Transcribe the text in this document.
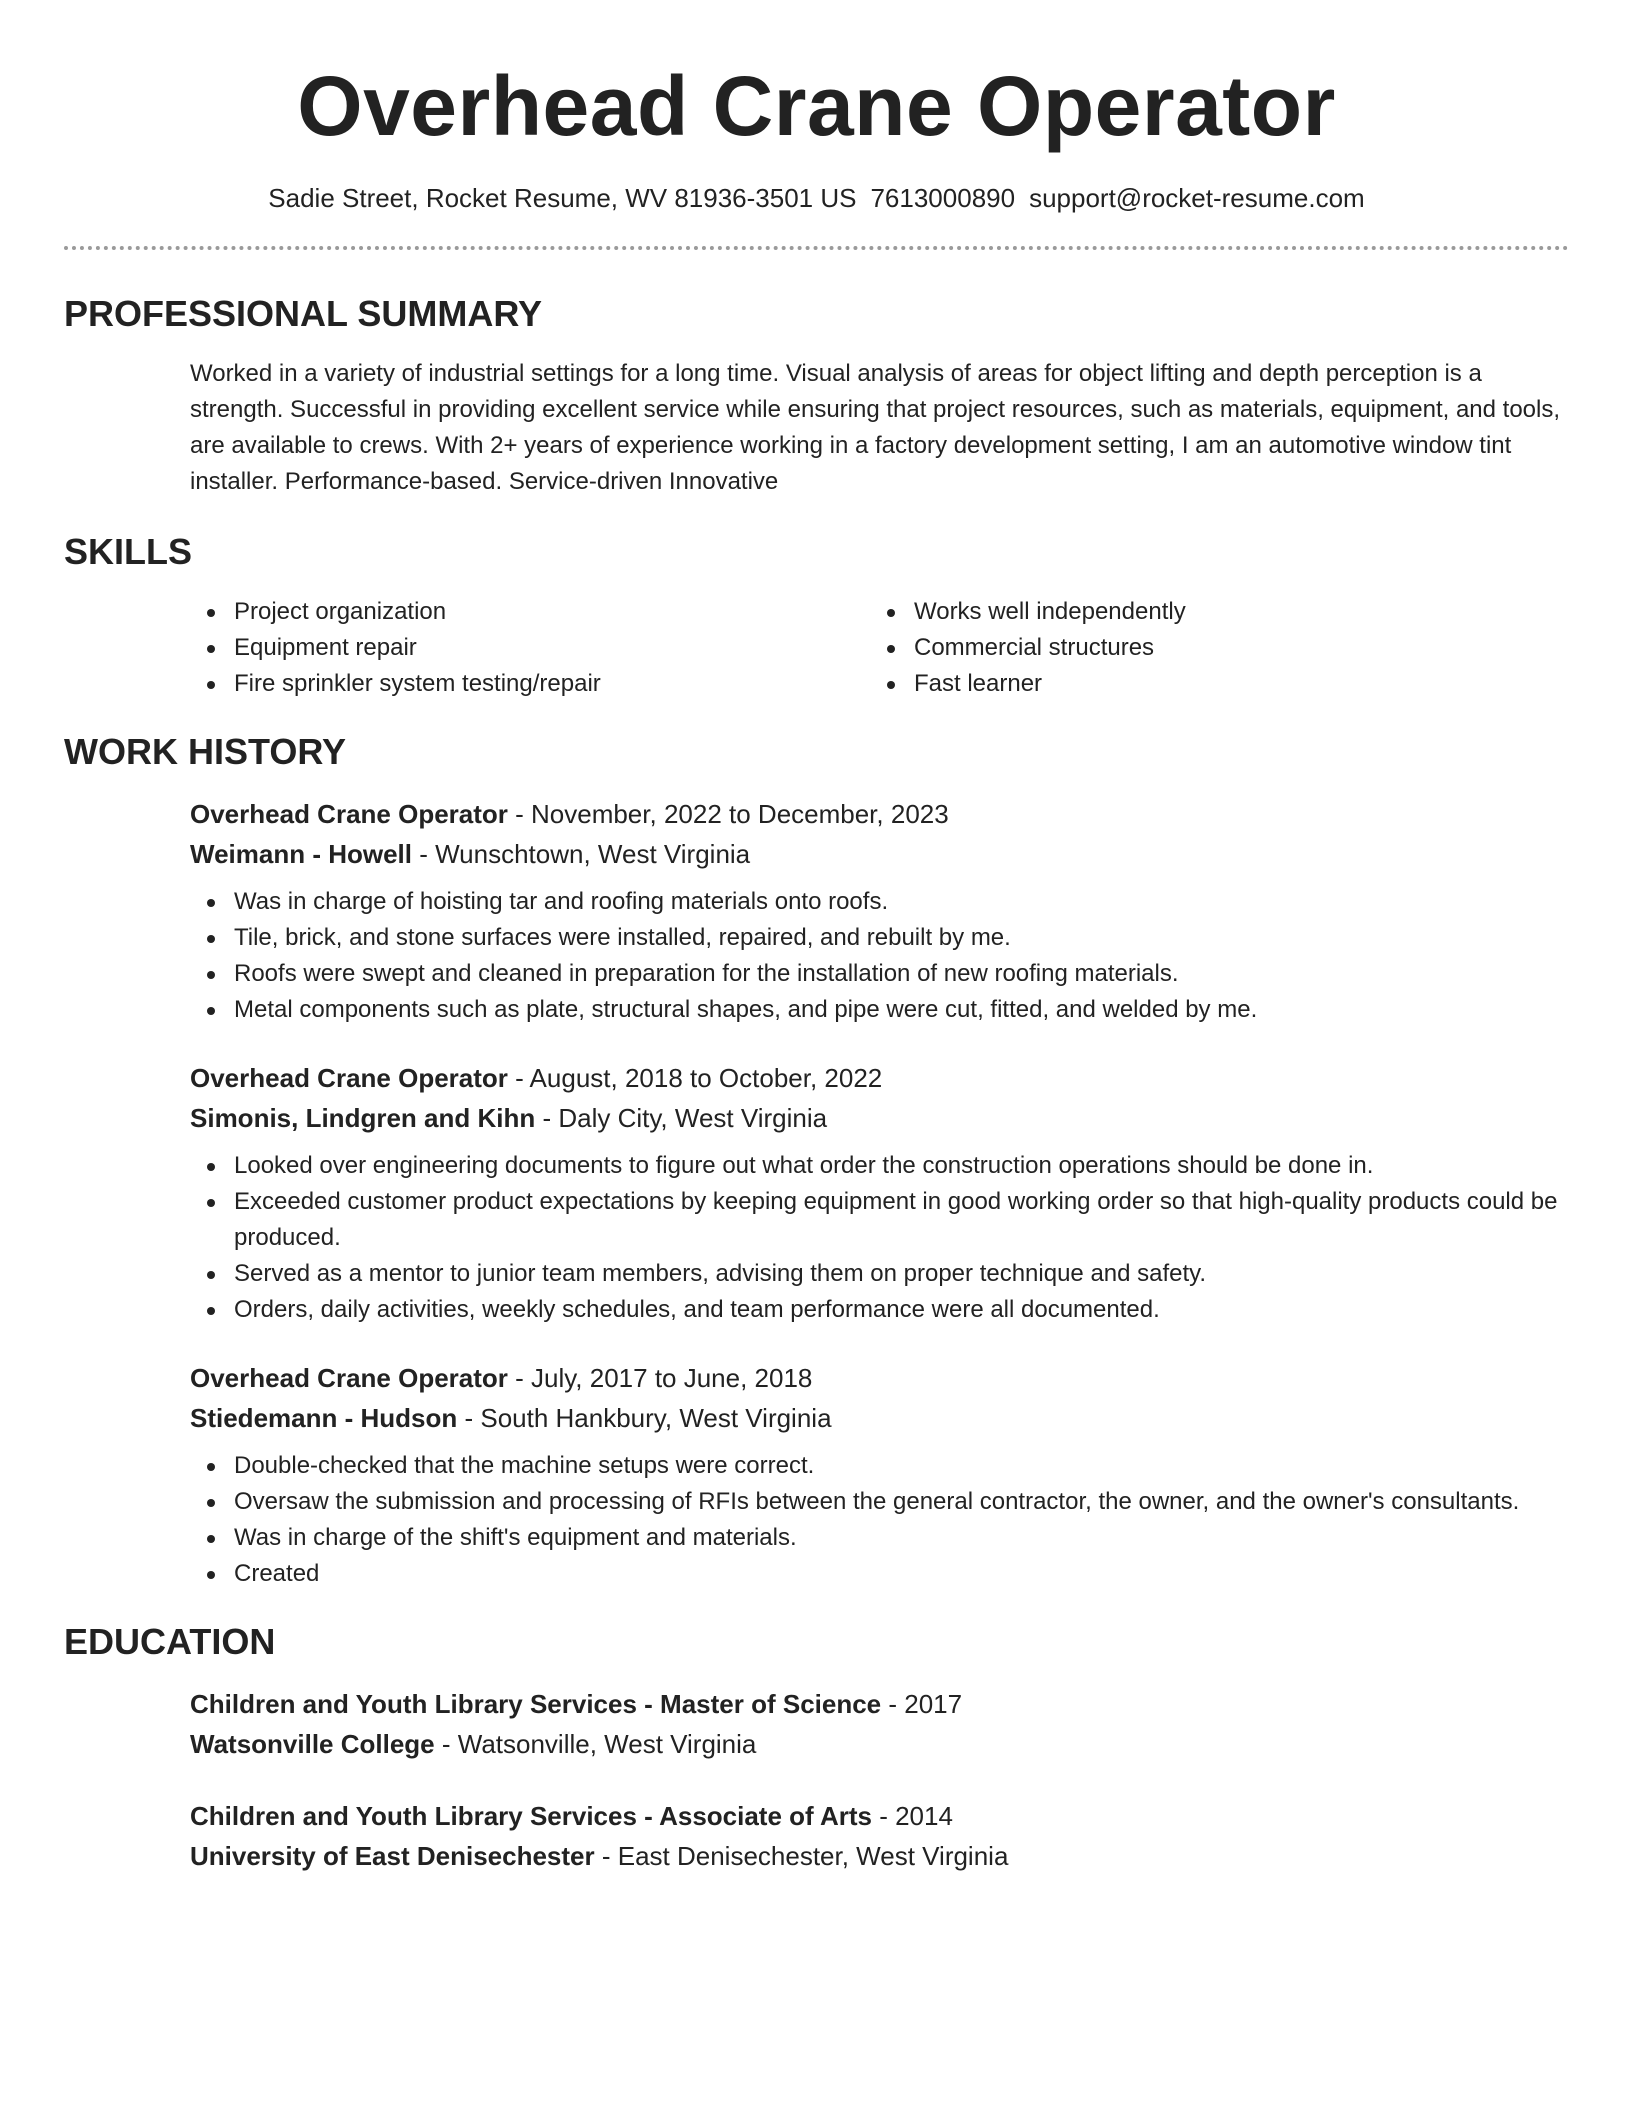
Overhead Crane Operator
Sadie Street, Rocket Resume, WV 81936-3501 US 7613000890 support@rocket-resume.com
PROFESSIONAL SUMMARY

Worked in a variety of industrial settings for a long time. Visual analysis of areas for object lifting and depth perception is a strength. Successful in providing excellent service while ensuring that project resources, such as materials, equipment, and tools, are available to crews. With 2+ years of experience working in a factory development setting, I am an automotive window tint installer. Performance-based. Service-driven Innovative

SKILLS
Project organization
Equipment repair
Fire sprinkler system testing/repair
Works well independently
Commercial structures
Fast learner
WORK HISTORY
Overhead Crane Operator - November, 2022 to December, 2023
Weimann - Howell - Wunschtown, West Virginia
Was in charge of hoisting tar and roofing materials onto roofs.
Tile, brick, and stone surfaces were installed, repaired, and rebuilt by me.
Roofs were swept and cleaned in preparation for the installation of new roofing materials.
Metal components such as plate, structural shapes, and pipe were cut, fitted, and welded by me.
Overhead Crane Operator - August, 2018 to October, 2022
Simonis, Lindgren and Kihn - Daly City, West Virginia
Looked over engineering documents to figure out what order the construction operations should be done in.
Exceeded customer product expectations by keeping equipment in good working order so that high-quality products could be produced.
Served as a mentor to junior team members, advising them on proper technique and safety.
Orders, daily activities, weekly schedules, and team performance were all documented.
Overhead Crane Operator - July, 2017 to June, 2018
Stiedemann - Hudson - South Hankbury, West Virginia
Double-checked that the machine setups were correct.
Oversaw the submission and processing of RFIs between the general contractor, the owner, and the owner's consultants.
Was in charge of the shift's equipment and materials.
Created
EDUCATION
Children and Youth Library Services - Master of Science - 2017
Watsonville College - Watsonville, West Virginia
Children and Youth Library Services - Associate of Arts - 2014
University of East Denisechester - East Denisechester, West Virginia
